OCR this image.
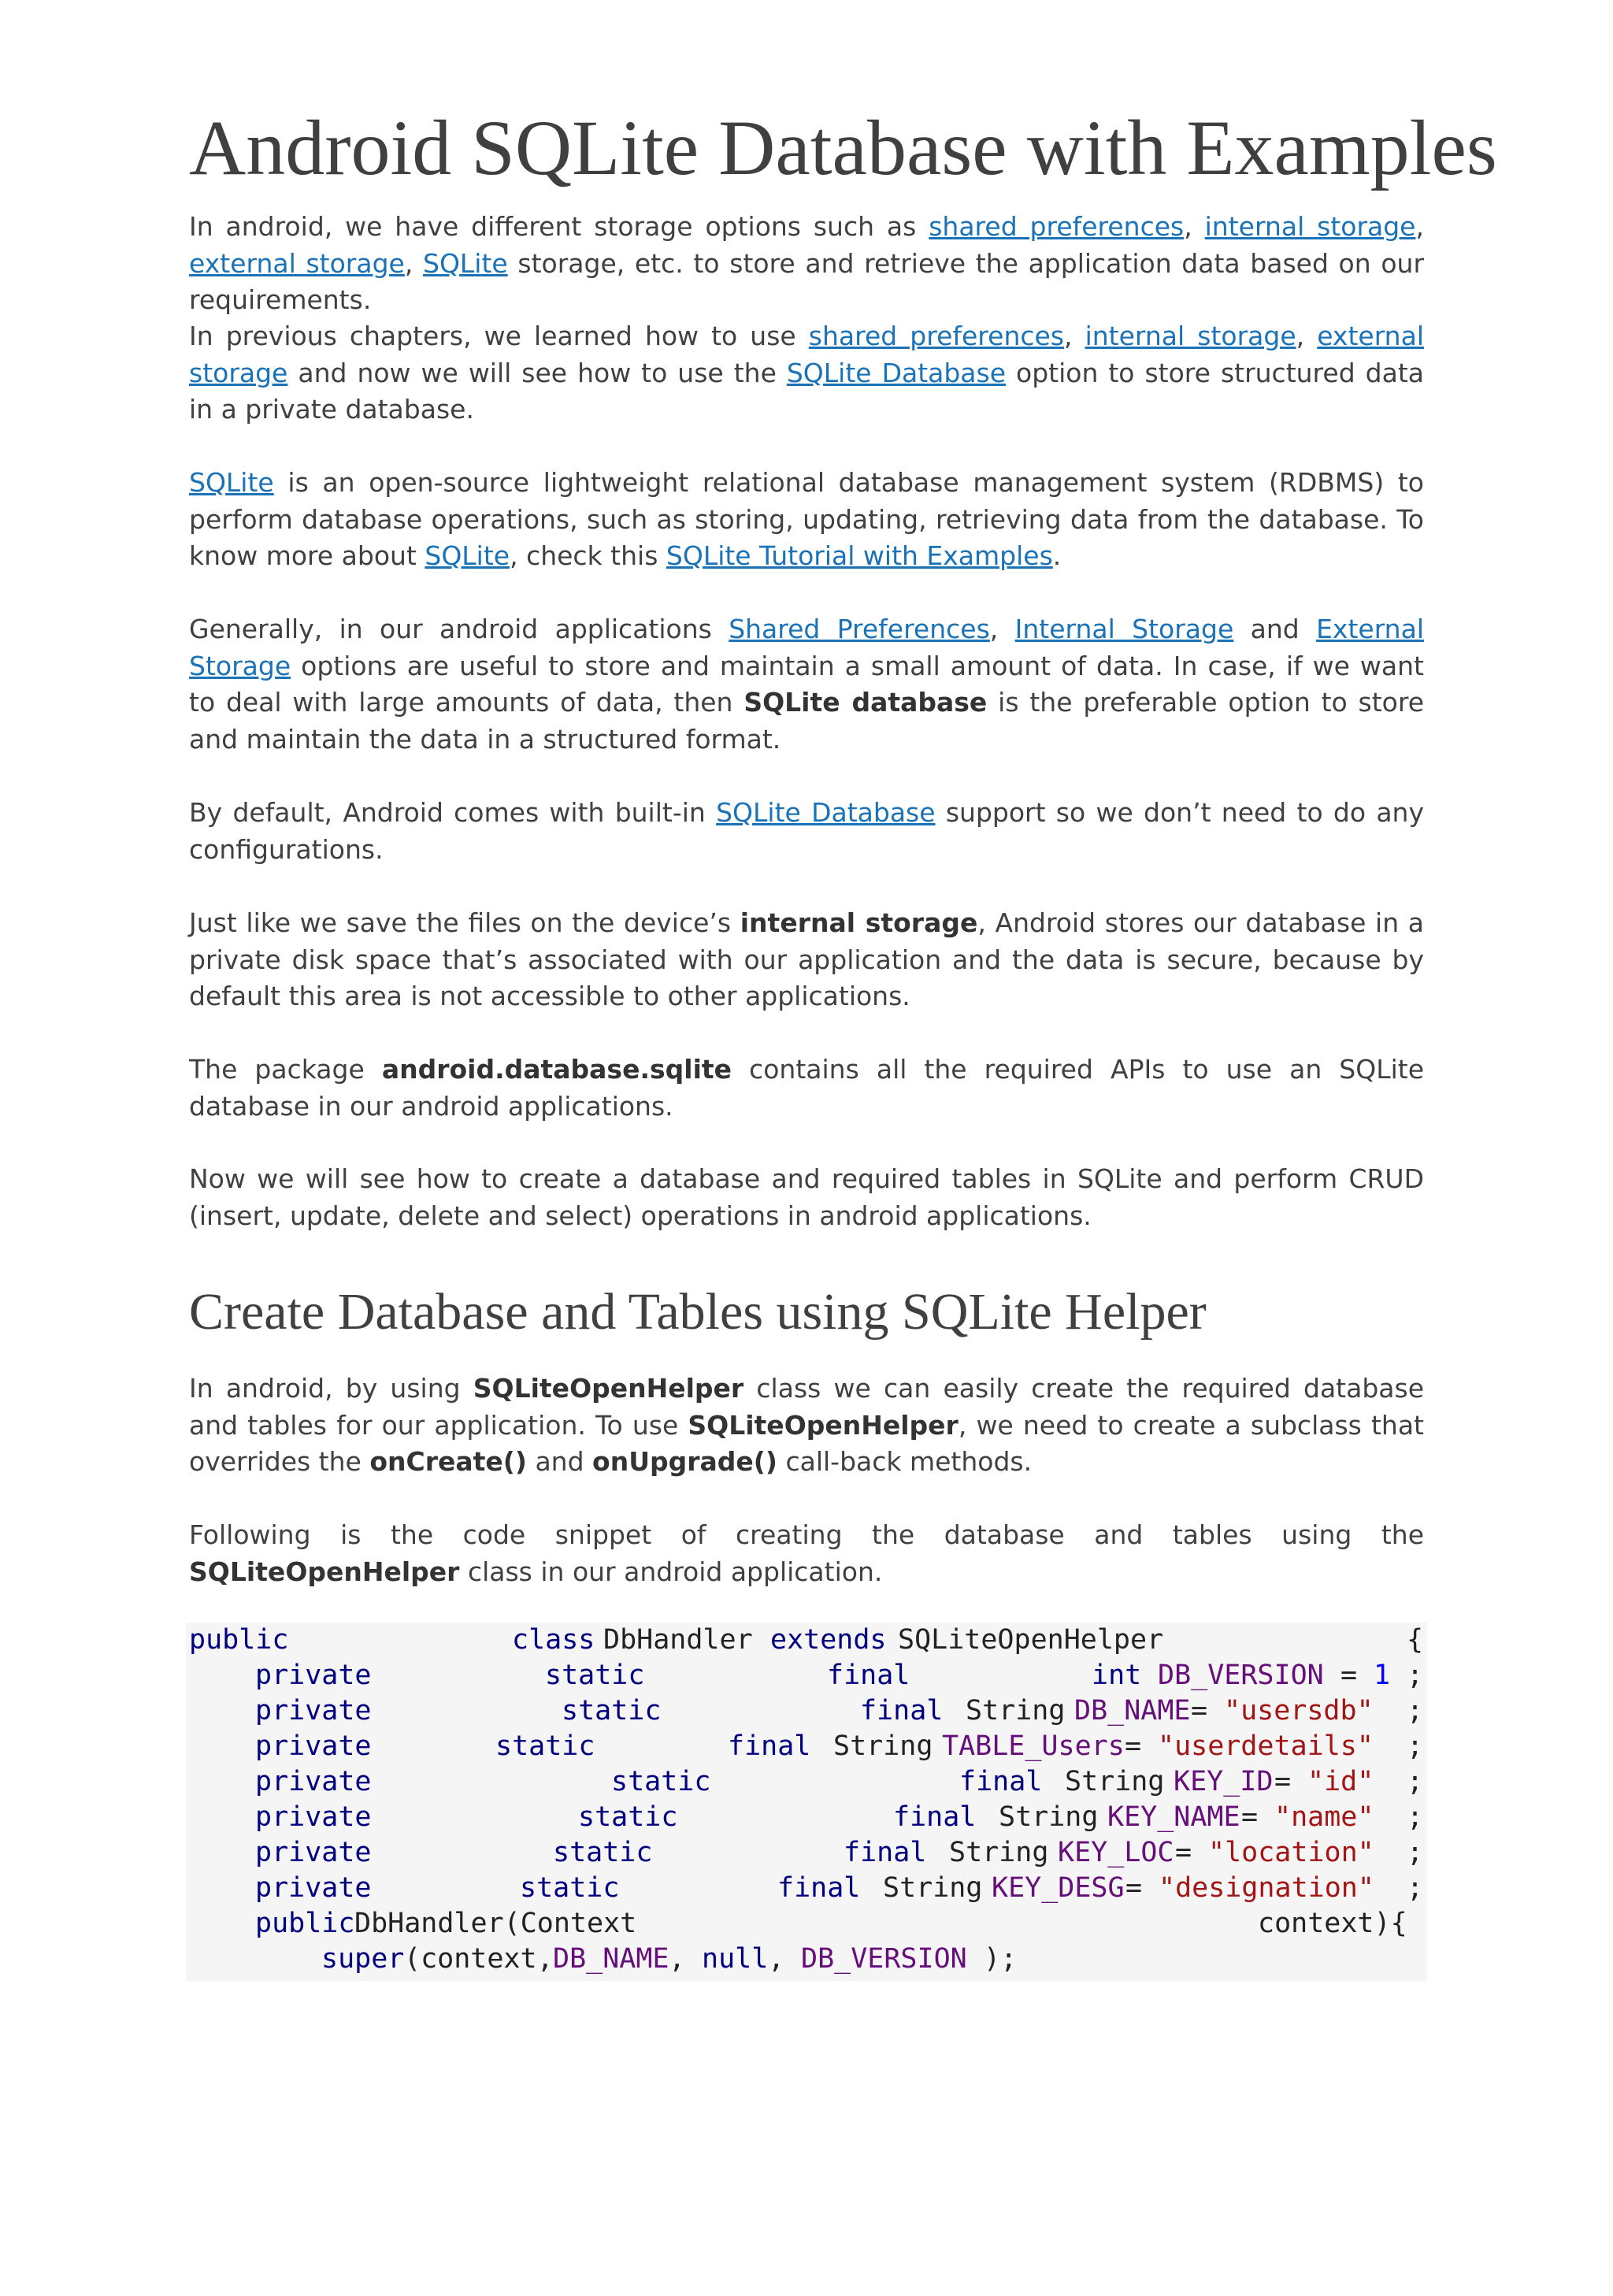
Android SQLite Database with Examples

In android, we have different storage options such as shared preferences, internal storage, external storage, SQLite storage, etc. to store and retrieve the application data based on our requirements.

In previous chapters, we learned how to use shared preferences, internal storage, external storage and now we will see how to use the SQLite Database option to store structured data in a private database.

SQLite is an open-source lightweight relational database management system (RDBMS) to perform database operations, such as storing, updating, retrieving data from the database. To know more about SQLite, check this SQLite Tutorial with Examples.

Generally, in our android applications Shared Preferences, Internal Storage and External Storage options are useful to store and maintain a small amount of data. In case, if we want to deal with large amounts of data, then SQLite database is the preferable option to store and maintain the data in a structured format.

By default, Android comes with built-in SQLite Database support so we don’t need to do any configurations.

Just like we save the files on the device’s internal storage, Android stores our database in a private disk space that’s associated with our application and the data is secure, because by default this area is not accessible to other applications.

The package android.database.sqlite contains all the required APIs to use an SQLite database in our android applications.

Now we will see how to create a database and required tables in SQLite and perform CRUD (insert, update, delete and select) operations in android applications.

Create Database and Tables using SQLite Helper

In android, by using SQLiteOpenHelper class we can easily create the required database and tables for our application. To use SQLiteOpenHelper, we need to create a subclass that overrides the onCreate() and onUpgrade() call-back methods.

Following is the code snippet of creating the database and tables using the SQLiteOpenHelper class in our android application.

public

	class

DbHandler

extends

SQLiteOpenHelper

	{

private

	static

	final

	int

DB_VERSION

=

1

;

private

	static

	final

String

DB_NAME

=

"usersdb"

;

private

	static

	final

String

TABLE_Users

=

"userdetails"

;

private

	static

	final

String

KEY_ID

=

"id"

;

private

	static

	final

String

KEY_NAME

=

"name"

;

private

	static

	final

String

KEY_LOC

=

"location"

;

private

	static

	final

String

KEY_DESG

=

"designation"

;

public

DbHandler(Context

	context){

super

(context,

DB_NAME

,

null

,

DB_VERSION

);
